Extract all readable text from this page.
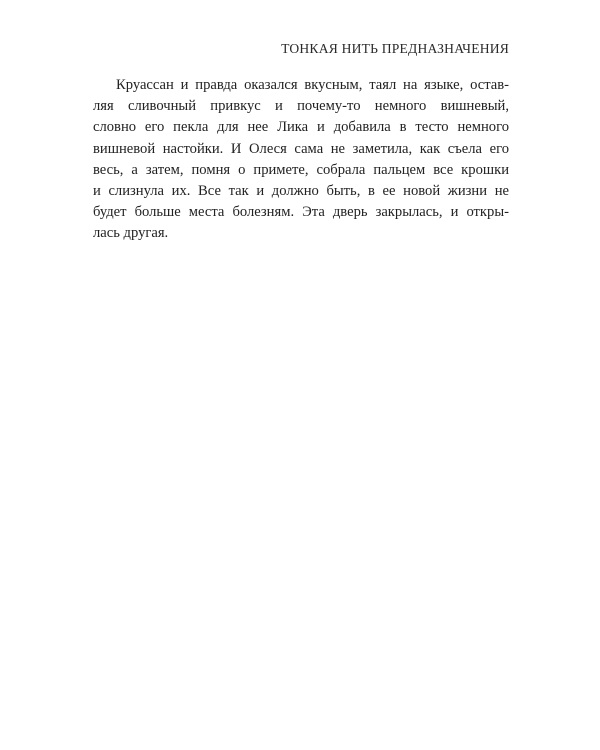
ТОНКАЯ НИТЬ ПРЕДНАЗНАЧЕНИЯ

Круассан и правда оказался вкусным, таял на языке, остав-
ляя сливочный привкус и почему-то немного вишневый,
словно его пекла для нее Лика и добавила в тесто немного
вишневой настойки. И Олеся сама не заметила, как съела его
весь, а затем, помня о примете, собрала пальцем все крошки
и слизнула их. Все так и должно быть, в ее новой жизни не
будет больше места болезням. Эта дверь закрылась, и откры-
лась другая.
